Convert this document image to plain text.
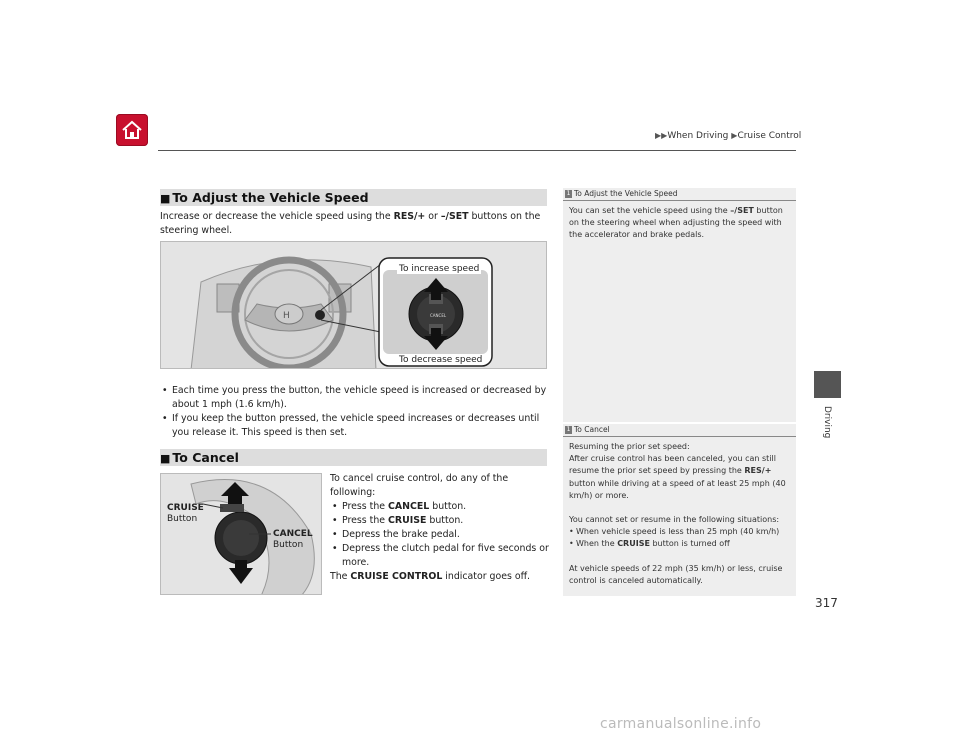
▶▶When Driving ▶Cruise Control
Driving
317
■ To Adjust the Vehicle Speed
Increase or decrease the vehicle speed using the RES/+ or –/SET buttons on the steering wheel.
H	CANCEL
To increase speed
To decrease speed
• Each time you press the button, the vehicle speed is increased or decreased by about 1 mph (1.6 km/h).
• If you keep the button pressed, the vehicle speed increases or decreases until you release it. This speed is then set.
■ To Cancel
CRUISE
Button
CANCEL
Button
To cancel cruise control, do any of the following:
• Press the CANCEL button.
• Press the CRUISE button.
• Depress the brake pedal.
• Depress the clutch pedal for five seconds or more.
The CRUISE CONTROL indicator goes off.
1 To Adjust the Vehicle Speed
You can set the vehicle speed using the –/SET button on the steering wheel when adjusting the speed with the accelerator and brake pedals.
1 To Cancel
Resuming the prior set speed:
After cruise control has been canceled, you can still resume the prior set speed by pressing the RES/+ button while driving at a speed of at least 25 mph (40 km/h) or more.
You cannot set or resume in the following situations:
• When vehicle speed is less than 25 mph (40 km/h)
• When the CRUISE button is turned off
At vehicle speeds of 22 mph (35 km/h) or less, cruise control is canceled automatically.
carmanualsonline.info
